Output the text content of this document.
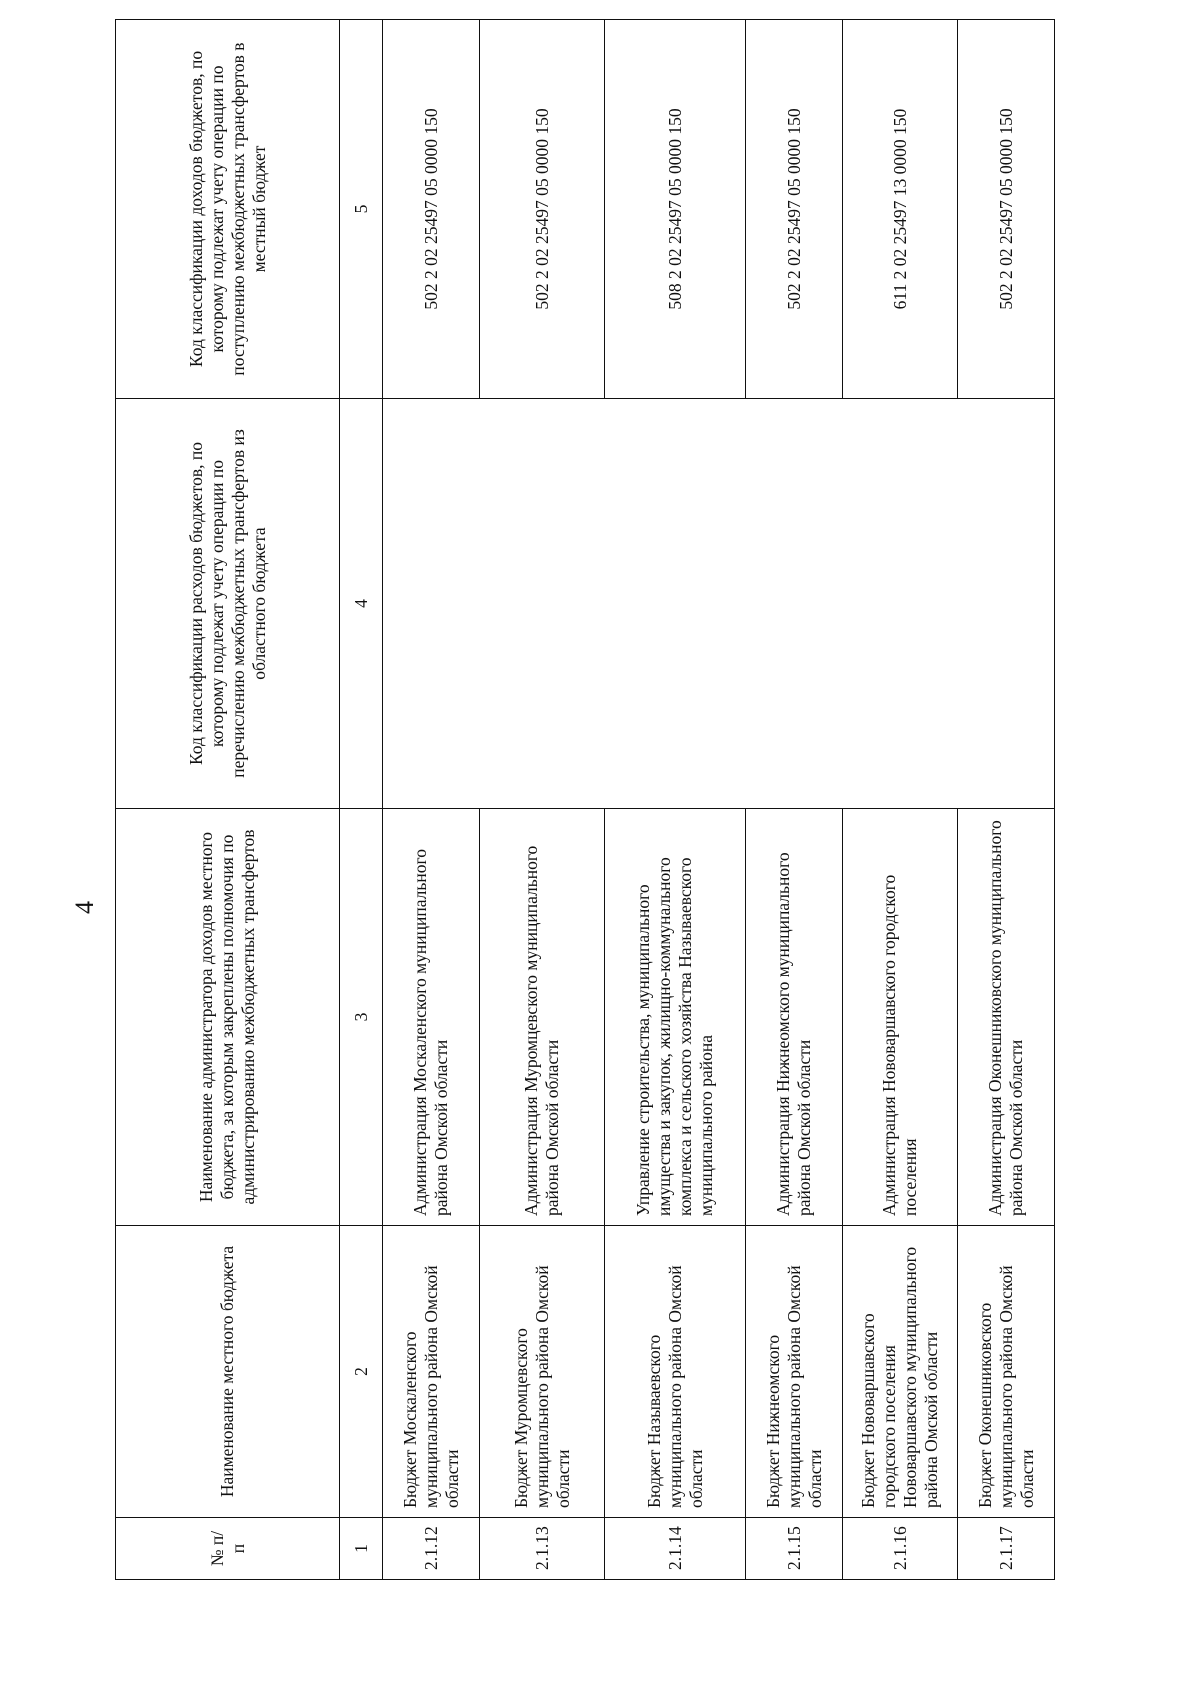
4
№ п/п	Наименование местного бюджета	Наименование администратора доходов местного бюджета, за которым закреплены полномочия по администрированию межбюджетных трансфертов	Код классификации расходов бюджетов, по которому подлежат учету операции по перечислению межбюджетных трансфертов из областного бюджета	Код классификации доходов бюджетов, по которому подлежат учету операции по поступлению межбюджетных трансфертов в местный бюджет
1	2	3	4	5
2.1.12	Бюджет Москаленского муниципального района Омской области	Администрация Москаленского муниципального района Омской области		502 2 02 25497 05 0000 150
2.1.13	Бюджет Муромцевского муниципального района Омской области	Администрация Муромцевского муниципального района Омской области		502 2 02 25497 05 0000 150
2.1.14	Бюджет Называевского муниципального района Омской области	Управление строительства, муниципального имущества и закупок, жилищно-коммунального комплекса и сельского хозяйства Называевского муниципального района		508 2 02 25497 05 0000 150
2.1.15	Бюджет Нижнеомского муниципального района Омской области	Администрация Нижнеомского муниципального района Омской области		502 2 02 25497 05 0000 150
2.1.16	Бюджет Нововаршавского городского поселения Нововаршавского муниципального района Омской области	Администрация Нововаршавского городского поселения		611 2 02 25497 13 0000 150
2.1.17	Бюджет Оконешниковского муниципального района Омской области	Администрация Оконешниковского муниципального района Омской области		502 2 02 25497 05 0000 150
